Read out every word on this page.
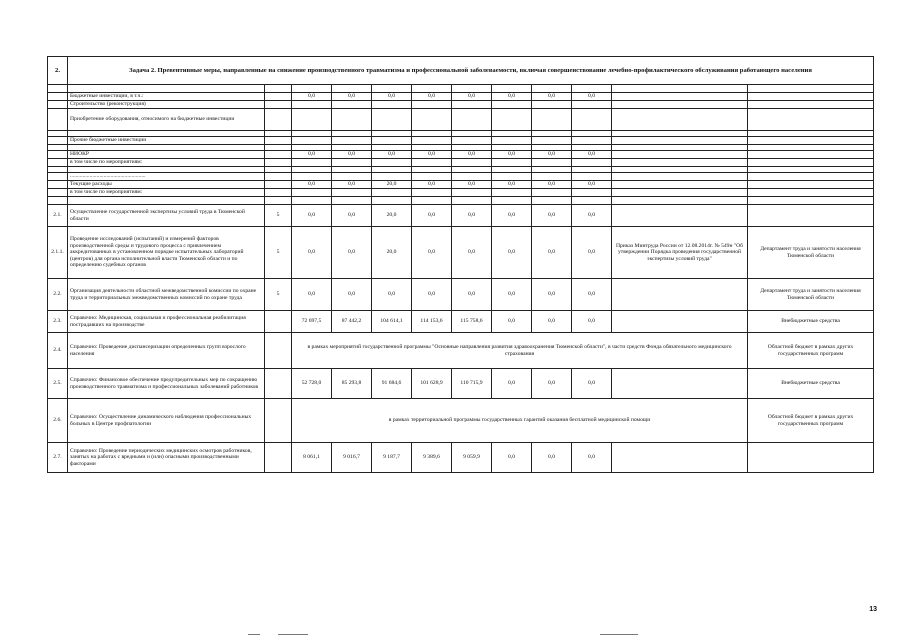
2.	Задача 2. Превентивные меры, направленные на снижение производственного травматизма и профессиональной заболеваемости, включая совершенствование лечебно-профилактического обслуживания работающего населения											

	Бюджетные инвестиции, в т.ч.:		0,0	0,0	0,0	0,0	0,0	0,0	0,0	0,0		
	Строительство (реконструкция)											
	Приобретение оборудования, относимого на бюджетные инвестиции											

	Прочие бюджетные инвестиции											

	НИОКР		0,0	0,0	0,0	0,0	0,0	0,0	0,0	0,0		
	в том числе по мероприятиям:											

	......................................................											
	Текущие расходы		0,0	0,0	20,0	0,0	0,0	0,0	0,0	0,0		
	в том числе по мероприятиям:											

2.1.	Осуществление государственной экспертизы условий труда в Тюменской области	5	0,0	0,0	20,0	0,0	0,0	0,0	0,0	0,0		
2.1.1.	Проведение исследований (испытаний) и измерений факторов производственной среды и трудового процесса с привлечением аккредитованных в установленном порядке испытательных лабораторий (центров) для органа исполнительной власти Тюменской области и по определению судебных органов	5	0,0	0,0	20,0	0,0	0,0	0,0	0,0	0,0	Приказ Минтруда России от 12.08.2014г. № 549н "Об утверждении Порядка проведения государственной экспертизы условий труда"	Департамент труда и занятости населения Тюменской области
2.2.	Организация деятельности областной межведомственной комиссии по охране труда и территориальных межведомственных комиссий по охране труда	5	0,0	0,0	0,0	0,0	0,0	0,0	0,0	0,0		Департамент труда и занятости населения Тюменской области
2.3.	Справочно: Медицинская, социальная и профессиональная реабилитация пострадавших на производстве		72 697,5	87 442,2	104 614,1	114 153,6	115 758,6	0,0	0,0	0,0		Внебюджетные средства
2.4.	Справочно: Проведение диспансеризации определенных групп взрослого населения		в рамках мероприятий государственной программы "Основные направления развития здравоохранения Тюменской области", в части средств Фонда обязательного медицинского страхования									Областной бюджет в рамках других государственных программ
2.5.	Справочно: Финансовое обеспечение предупредительных мер по сокращению производственного травматизма и профессиональных заболеваний работников		52 728,0	85 293,8	91 684,6	101 628,9	110 715,9	0,0	0,0	0,0		Внебюджетные средства
2.6.	Справочно: Осуществление динамического наблюдения профессиональных больных в Центре профпатологии		в рамках территориальной программы государственных гарантий оказания бесплатной медицинской помощи									Областной бюджет в рамках других государственных программ
2.7.	Справочно: Проведение периодических медицинских осмотров работников, занятых на работах с вредными и (или) опасными производственными факторами		8 061,1	9 016,7	9 187,7	9 389,6	9 059,9	0,0	0,0	0,0		
13
